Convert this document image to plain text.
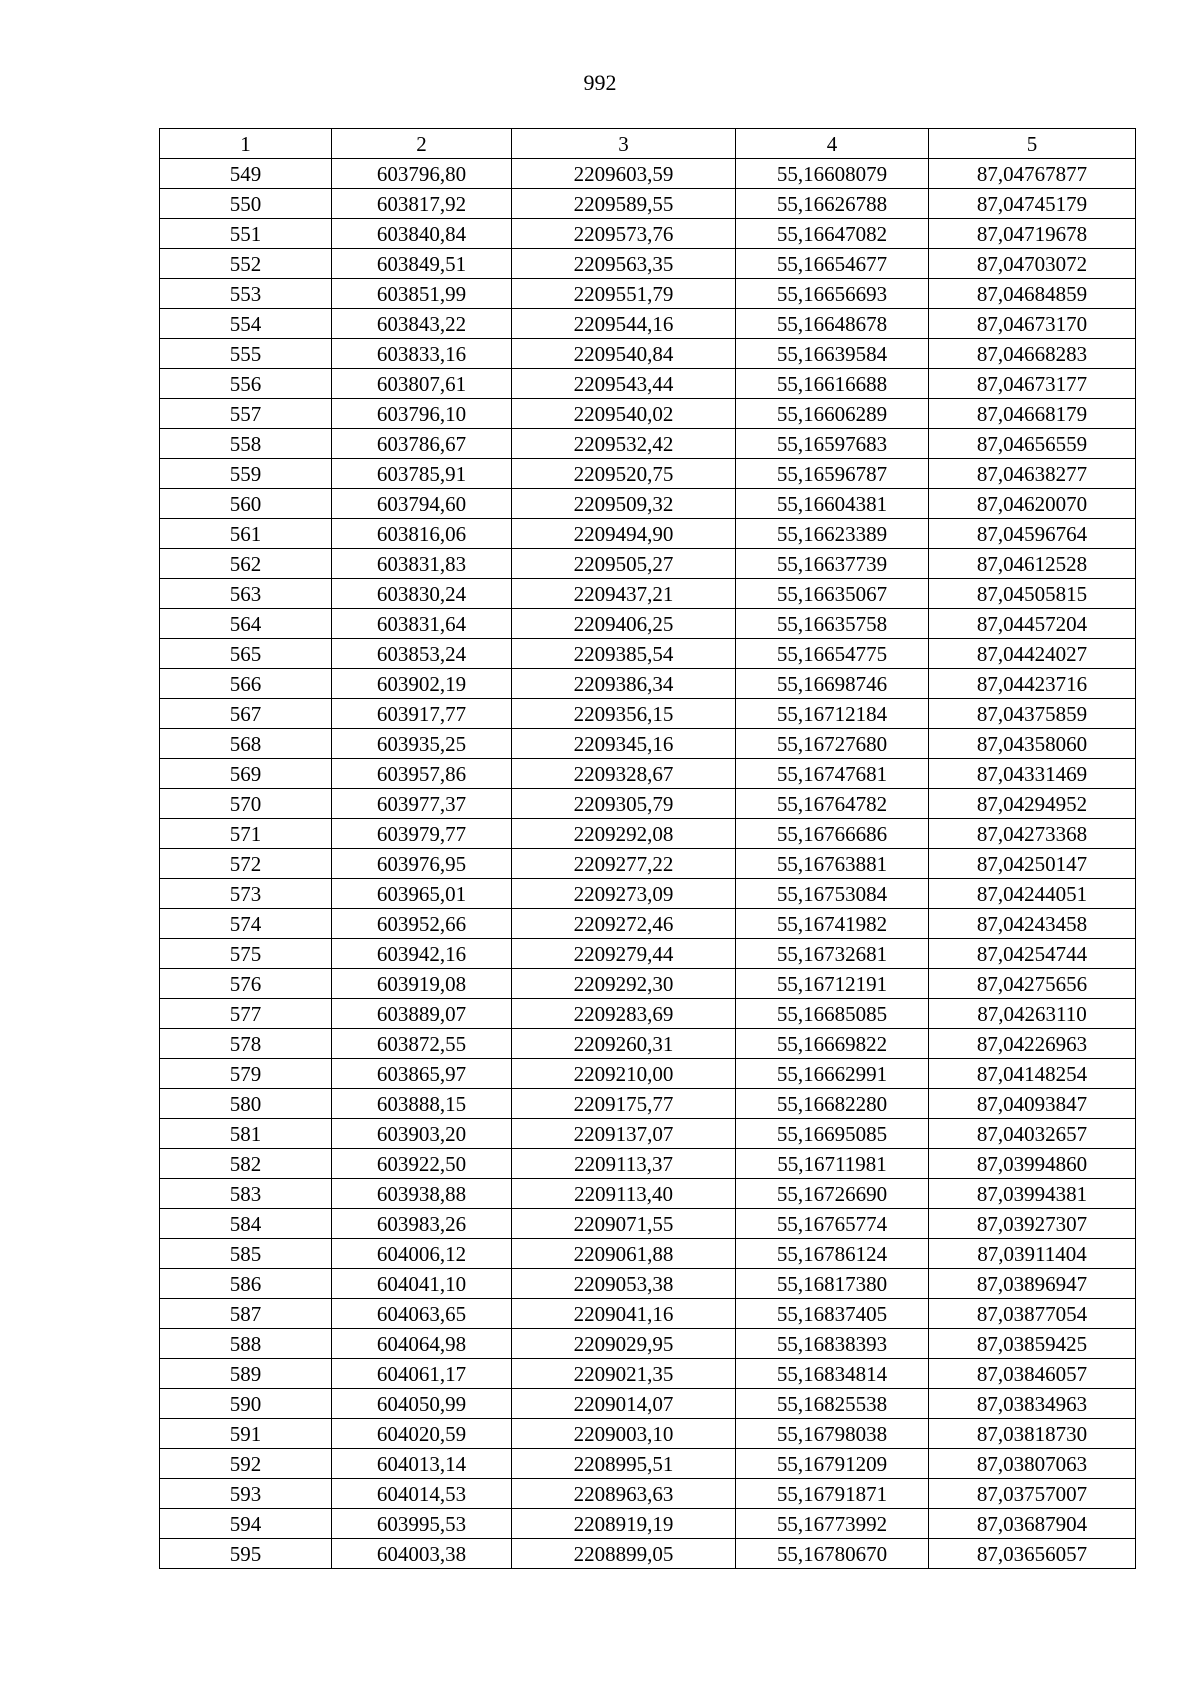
992
1	2	3	4	5
549	603796,80	2209603,59	55,16608079	87,04767877
550	603817,92	2209589,55	55,16626788	87,04745179
551	603840,84	2209573,76	55,16647082	87,04719678
552	603849,51	2209563,35	55,16654677	87,04703072
553	603851,99	2209551,79	55,16656693	87,04684859
554	603843,22	2209544,16	55,16648678	87,04673170
555	603833,16	2209540,84	55,16639584	87,04668283
556	603807,61	2209543,44	55,16616688	87,04673177
557	603796,10	2209540,02	55,16606289	87,04668179
558	603786,67	2209532,42	55,16597683	87,04656559
559	603785,91	2209520,75	55,16596787	87,04638277
560	603794,60	2209509,32	55,16604381	87,04620070
561	603816,06	2209494,90	55,16623389	87,04596764
562	603831,83	2209505,27	55,16637739	87,04612528
563	603830,24	2209437,21	55,16635067	87,04505815
564	603831,64	2209406,25	55,16635758	87,04457204
565	603853,24	2209385,54	55,16654775	87,04424027
566	603902,19	2209386,34	55,16698746	87,04423716
567	603917,77	2209356,15	55,16712184	87,04375859
568	603935,25	2209345,16	55,16727680	87,04358060
569	603957,86	2209328,67	55,16747681	87,04331469
570	603977,37	2209305,79	55,16764782	87,04294952
571	603979,77	2209292,08	55,16766686	87,04273368
572	603976,95	2209277,22	55,16763881	87,04250147
573	603965,01	2209273,09	55,16753084	87,04244051
574	603952,66	2209272,46	55,16741982	87,04243458
575	603942,16	2209279,44	55,16732681	87,04254744
576	603919,08	2209292,30	55,16712191	87,04275656
577	603889,07	2209283,69	55,16685085	87,04263110
578	603872,55	2209260,31	55,16669822	87,04226963
579	603865,97	2209210,00	55,16662991	87,04148254
580	603888,15	2209175,77	55,16682280	87,04093847
581	603903,20	2209137,07	55,16695085	87,04032657
582	603922,50	2209113,37	55,16711981	87,03994860
583	603938,88	2209113,40	55,16726690	87,03994381
584	603983,26	2209071,55	55,16765774	87,03927307
585	604006,12	2209061,88	55,16786124	87,03911404
586	604041,10	2209053,38	55,16817380	87,03896947
587	604063,65	2209041,16	55,16837405	87,03877054
588	604064,98	2209029,95	55,16838393	87,03859425
589	604061,17	2209021,35	55,16834814	87,03846057
590	604050,99	2209014,07	55,16825538	87,03834963
591	604020,59	2209003,10	55,16798038	87,03818730
592	604013,14	2208995,51	55,16791209	87,03807063
593	604014,53	2208963,63	55,16791871	87,03757007
594	603995,53	2208919,19	55,16773992	87,03687904
595	604003,38	2208899,05	55,16780670	87,03656057
